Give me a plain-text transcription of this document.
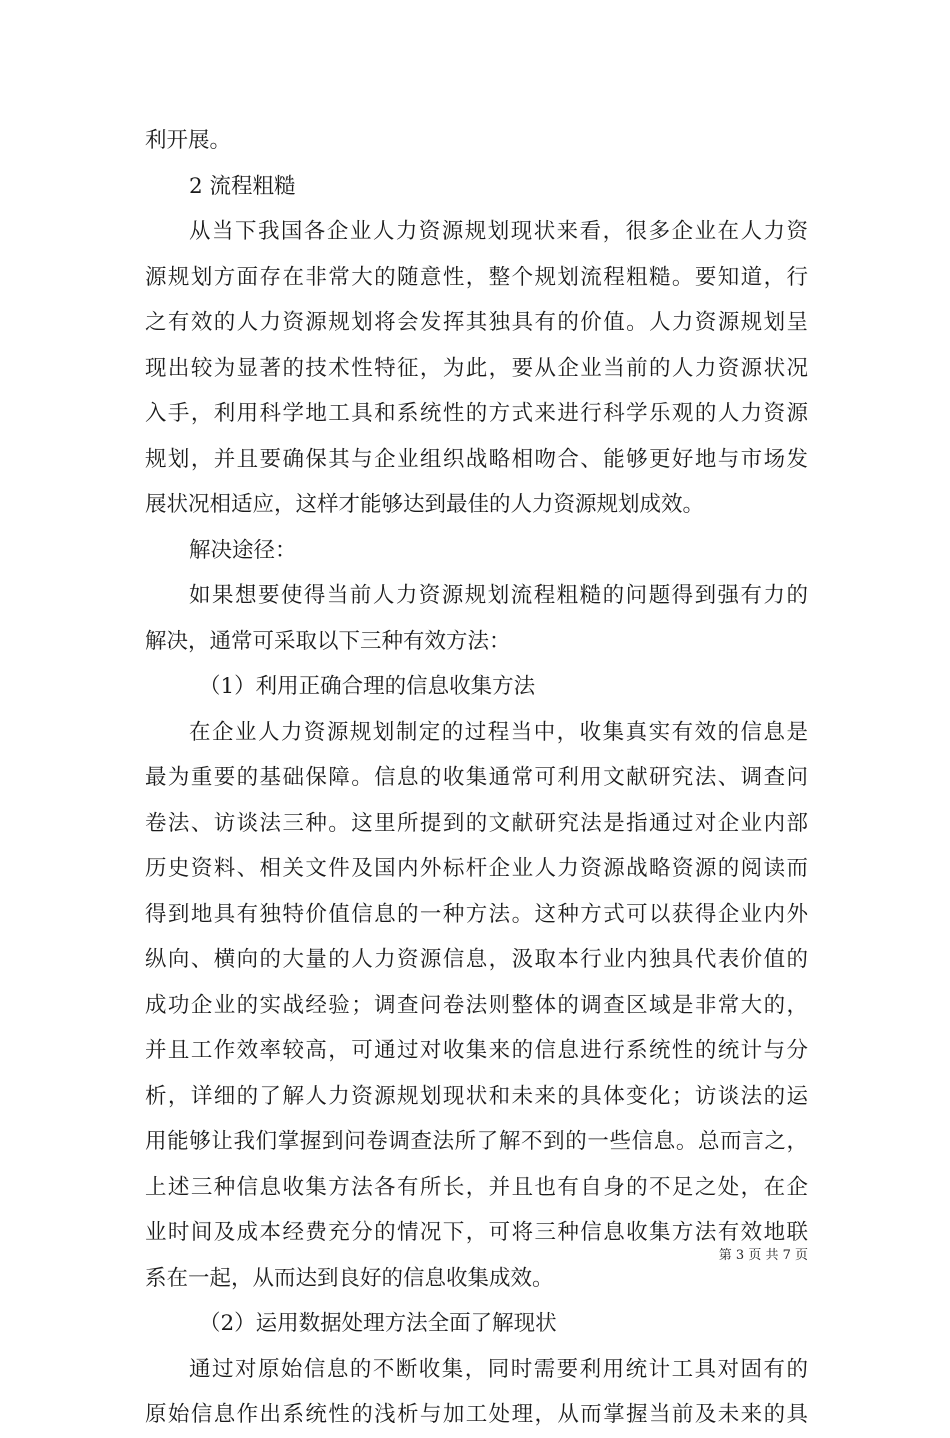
利开展。
2 流程粗糙
从当下我国各企业人力资源规划现状来看，很多企业在人力资
源规划方面存在非常大的随意性，整个规划流程粗糙。要知道，行
之有效的人力资源规划将会发挥其独具有的价值。人力资源规划呈
现出较为显著的技术性特征，为此，要从企业当前的人力资源状况
入手，利用科学地工具和系统性的方式来进行科学乐观的人力资源
规划，并且要确保其与企业组织战略相吻合、能够更好地与市场发
展状况相适应，这样才能够达到最佳的人力资源规划成效。
解决途径：
如果想要使得当前人力资源规划流程粗糙的问题得到强有力的
解决，通常可采取以下三种有效方法：
（1）利用正确合理的信息收集方法
在企业人力资源规划制定的过程当中，收集真实有效的信息是
最为重要的基础保障。信息的收集通常可利用文献研究法、调查问
卷法、访谈法三种。这里所提到的文献研究法是指通过对企业内部
历史资料、相关文件及国内外标杆企业人力资源战略资源的阅读而
得到地具有独特价值信息的一种方法。这种方式可以获得企业内外
纵向、横向的大量的人力资源信息，汲取本行业内独具代表价值的
成功企业的实战经验；调查问卷法则整体的调查区域是非常大的，
并且工作效率较高，可通过对收集来的信息进行系统性的统计与分
析，详细的了解人力资源规划现状和未来的具体变化；访谈法的运
用能够让我们掌握到问卷调查法所了解不到的一些信息。总而言之，
上述三种信息收集方法各有所长，并且也有自身的不足之处，在企
业时间及成本经费充分的情况下，可将三种信息收集方法有效地联
系在一起，从而达到良好的信息收集成效。
（2）运用数据处理方法全面了解现状
通过对原始信息的不断收集，同时需要利用统计工具对固有的
原始信息作出系统性的浅析与加工处理，从而掌握当前及未来的具
第 3 页 共 7 页
